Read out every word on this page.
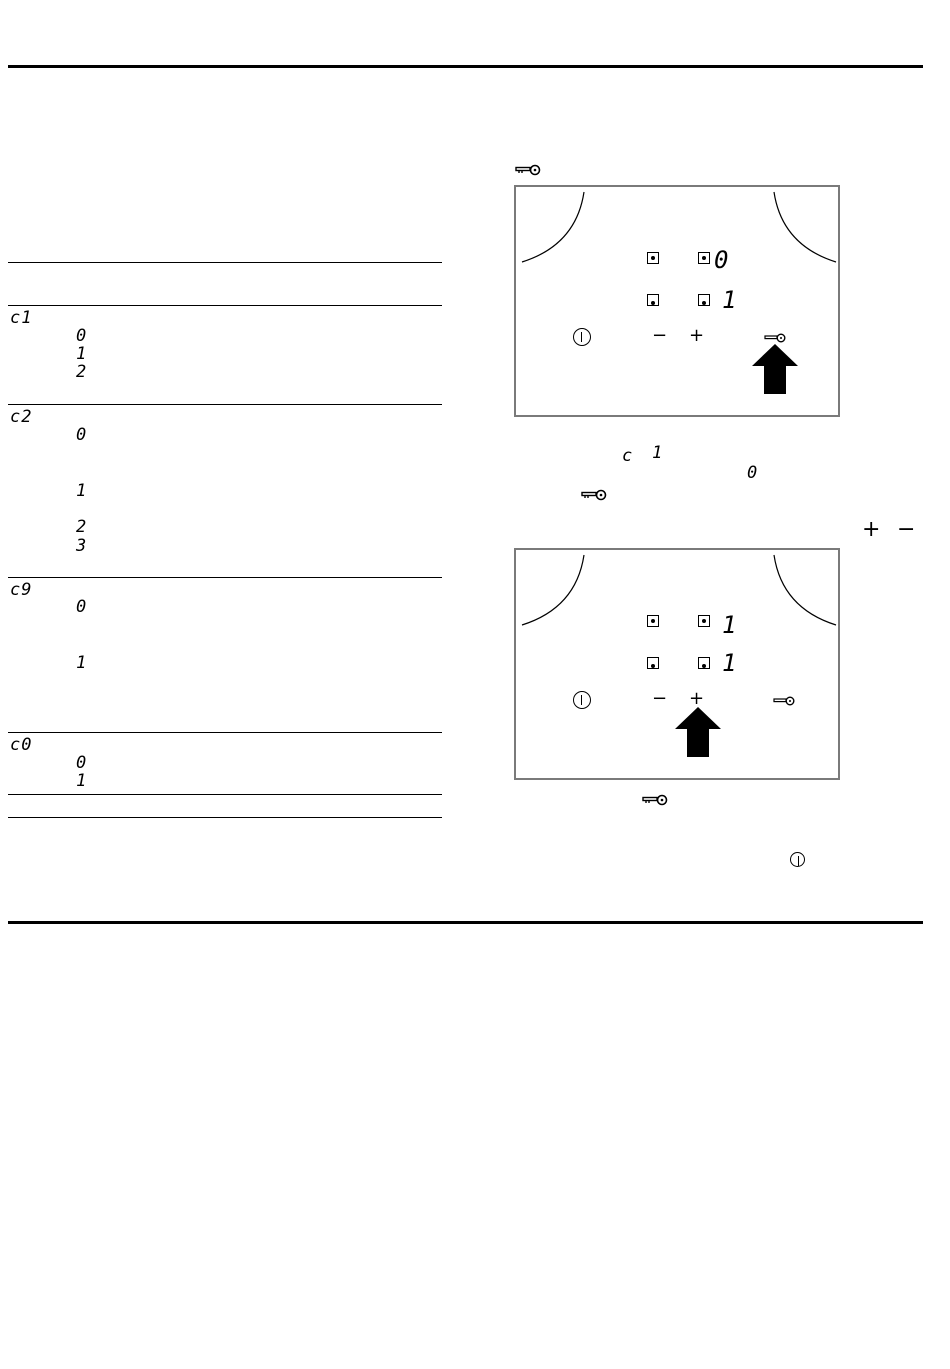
c1
0
1
2
c2
0
1
2
3
c9
0
1
c0
0
1
0
1
− +
c 1
0
+ −
1
1
− +
